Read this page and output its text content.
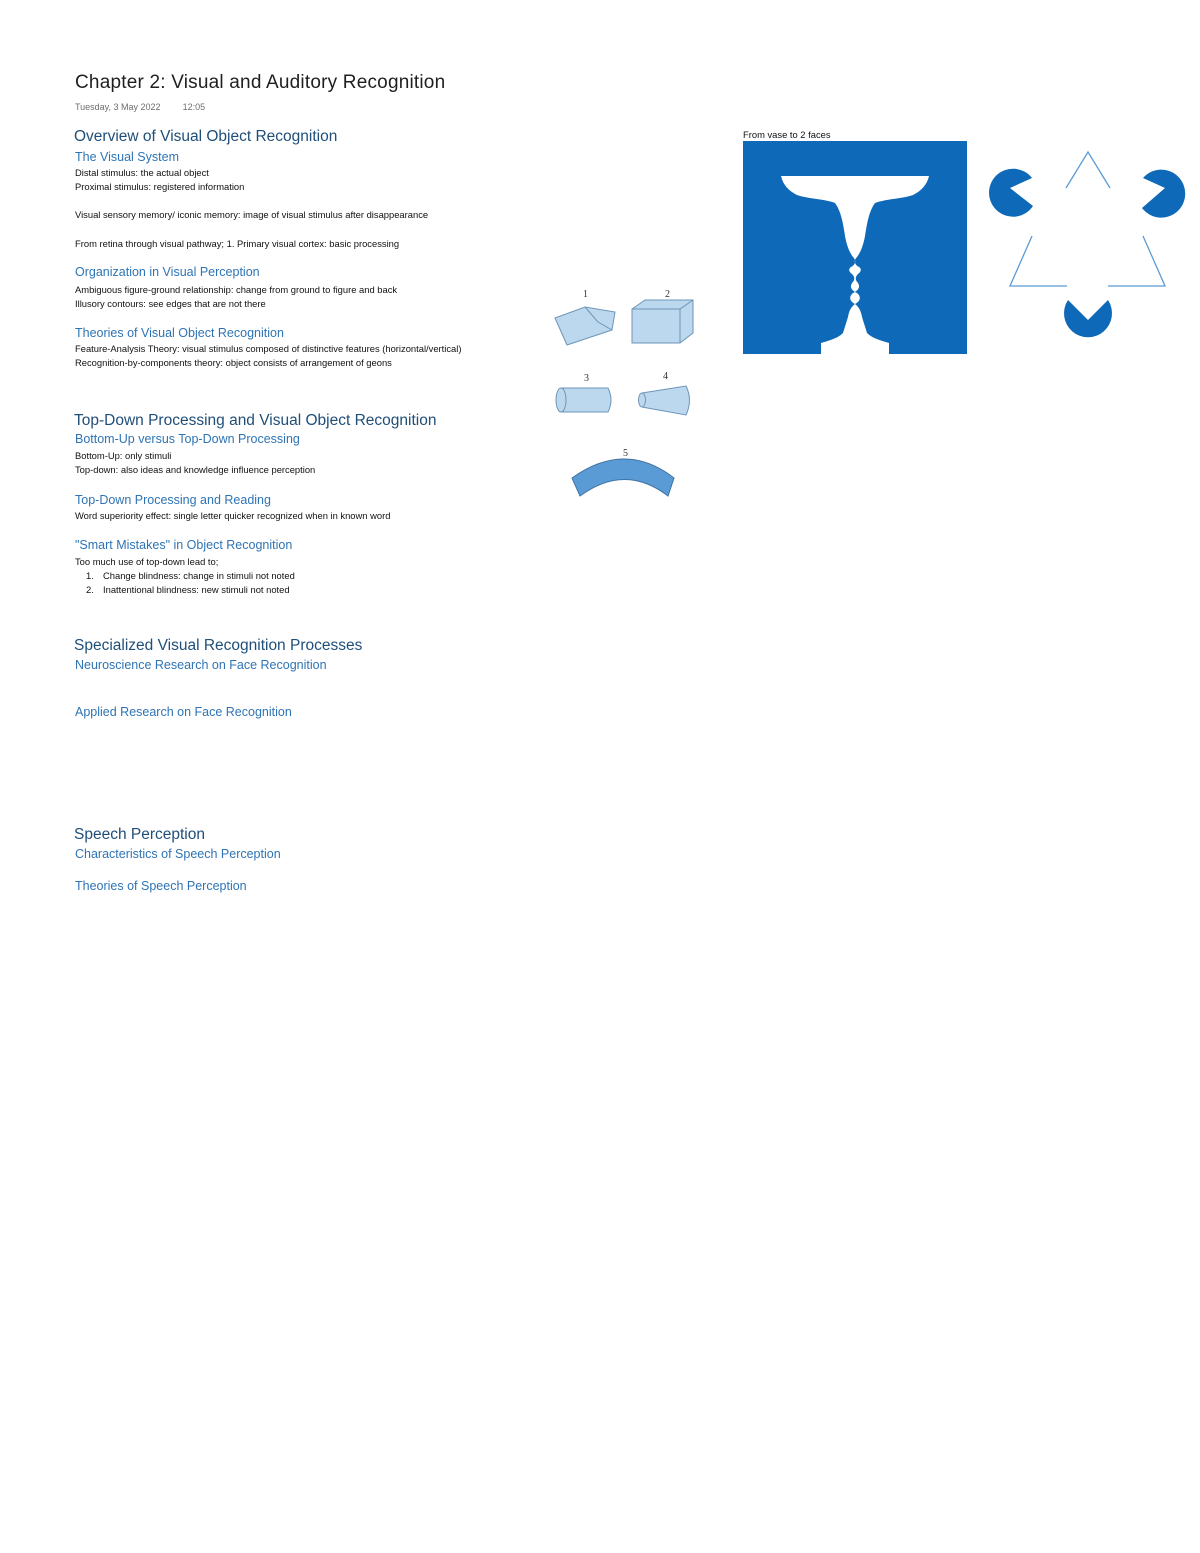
Chapter 2: Visual and Auditory Recognition
Tuesday, 3 May 2022 12:05
Overview of Visual Object Recognition
The Visual System
Distal stimulus: the actual object
Proximal stimulus: registered information
Visual sensory memory/ iconic memory: image of visual stimulus after disappearance
From retina through visual pathway; 1. Primary visual cortex: basic processing
Organization in Visual Perception
Ambiguous figure-ground relationship: change from ground to figure and back
Illusory contours: see edges that are not there
Theories of Visual Object Recognition
Feature-Analysis Theory: visual stimulus composed of distinctive features (horizontal/vertical)
Recognition-by-components theory: object consists of arrangement of geons
Top-Down Processing and Visual Object Recognition
Bottom-Up versus Top-Down Processing
Bottom-Up: only stimuli
Top-down: also ideas and knowledge influence perception
Top-Down Processing and Reading
Word superiority effect: single letter quicker recognized when in known word
"Smart Mistakes" in Object Recognition
Too much use of top-down lead to;
1. Change blindness: change in stimuli not noted
2. Inattentional blindness: new stimuli not noted
Specialized Visual Recognition Processes
Neuroscience Research on Face Recognition
Applied Research on Face Recognition
Speech Perception
Characteristics of Speech Perception
Theories of Speech Perception
1	2
3	4
5
From vase to 2 faces
